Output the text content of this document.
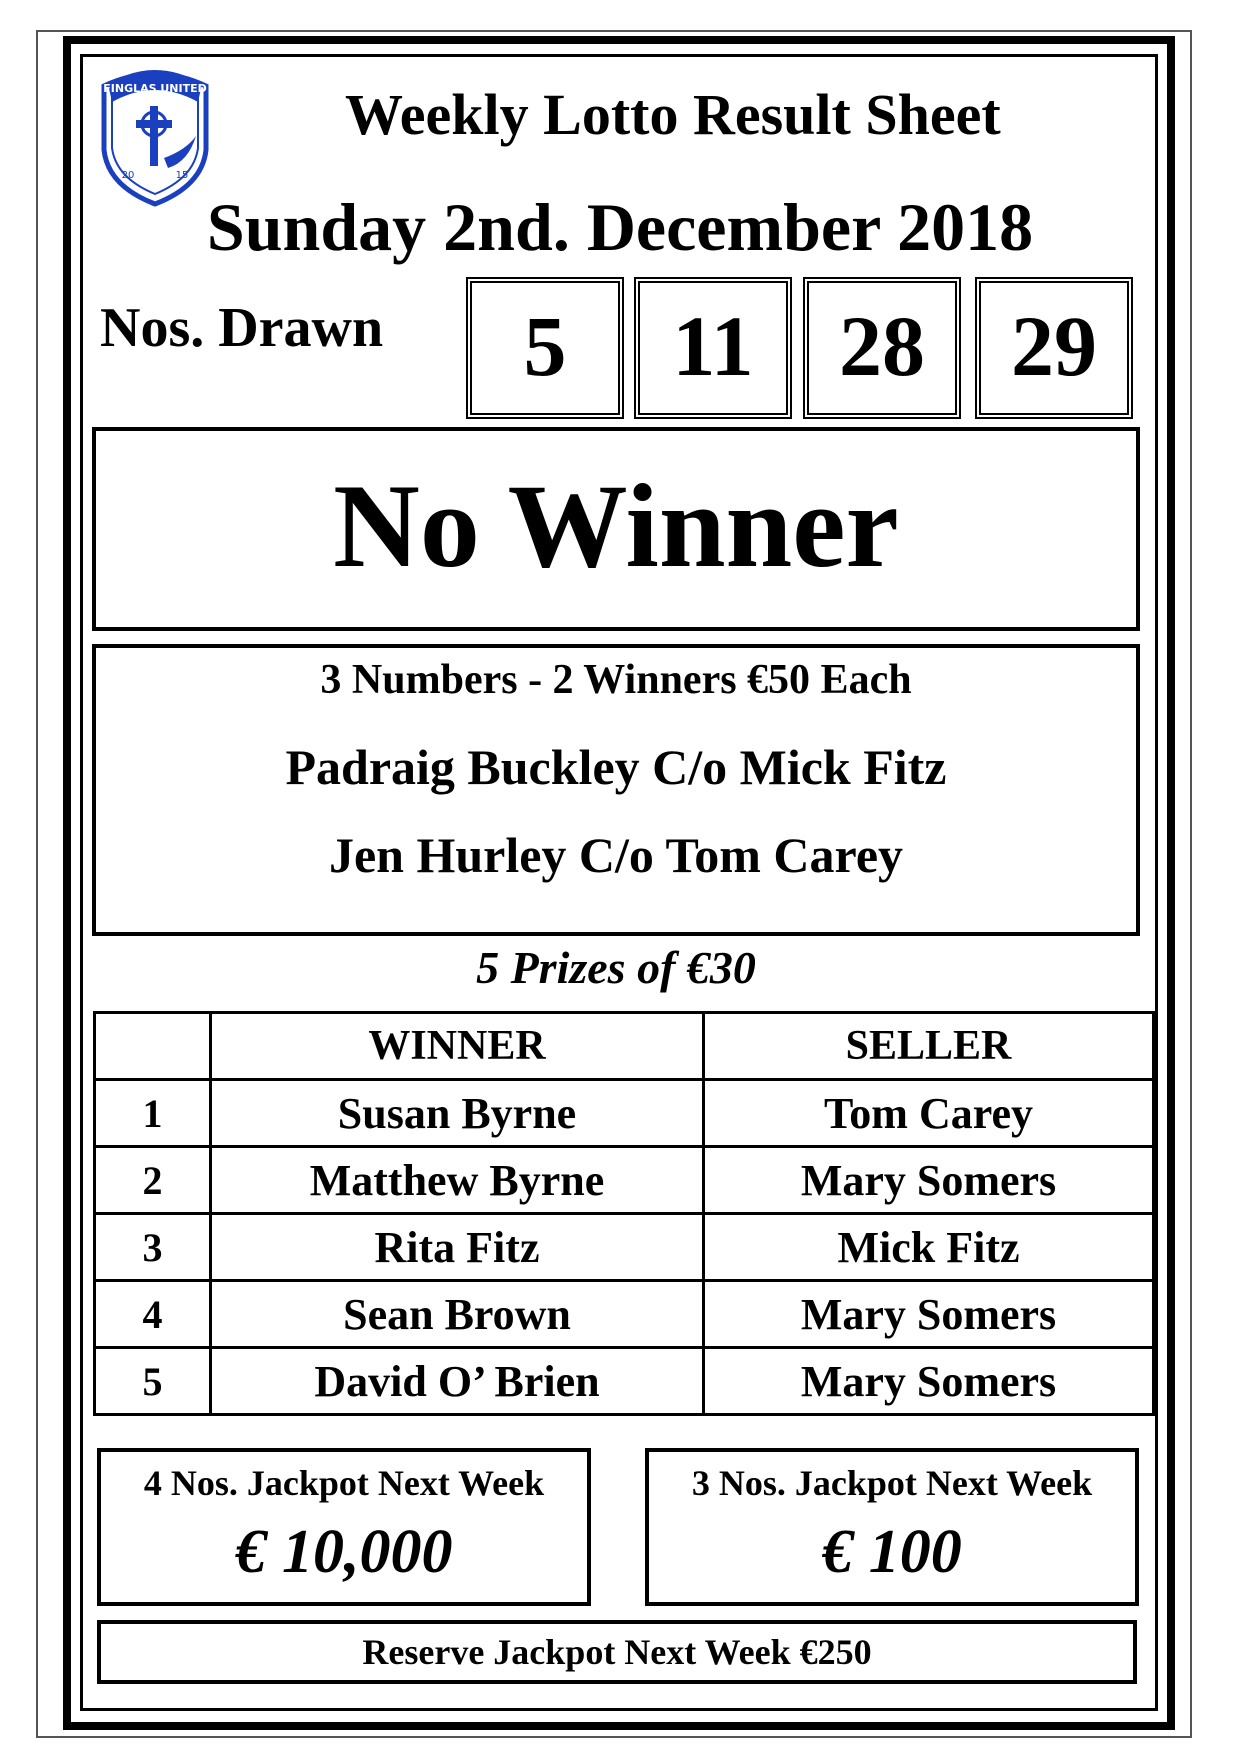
FINGLAS UNITED
20	15
Weekly Lotto Result Sheet
Sunday 2nd. December 2018
Nos. Drawn	5	11 28	29
No Winner
3 Numbers - 2 Winners €50 Each
Padraig Buckley C/o Mick Fitz
Jen Hurley C/o Tom Carey
5 Prizes of €30
	WINNER	SELLER
1	Susan Byrne	Tom Carey
2	Matthew Byrne	Mary Somers
3	Rita Fitz	Mick Fitz
4	Sean Brown	Mary Somers
5	David O’ Brien	Mary Somers
4 Nos. Jackpot Next Week
€ 10,000
3 Nos. Jackpot Next Week
€ 100
Reserve Jackpot Next Week €250
